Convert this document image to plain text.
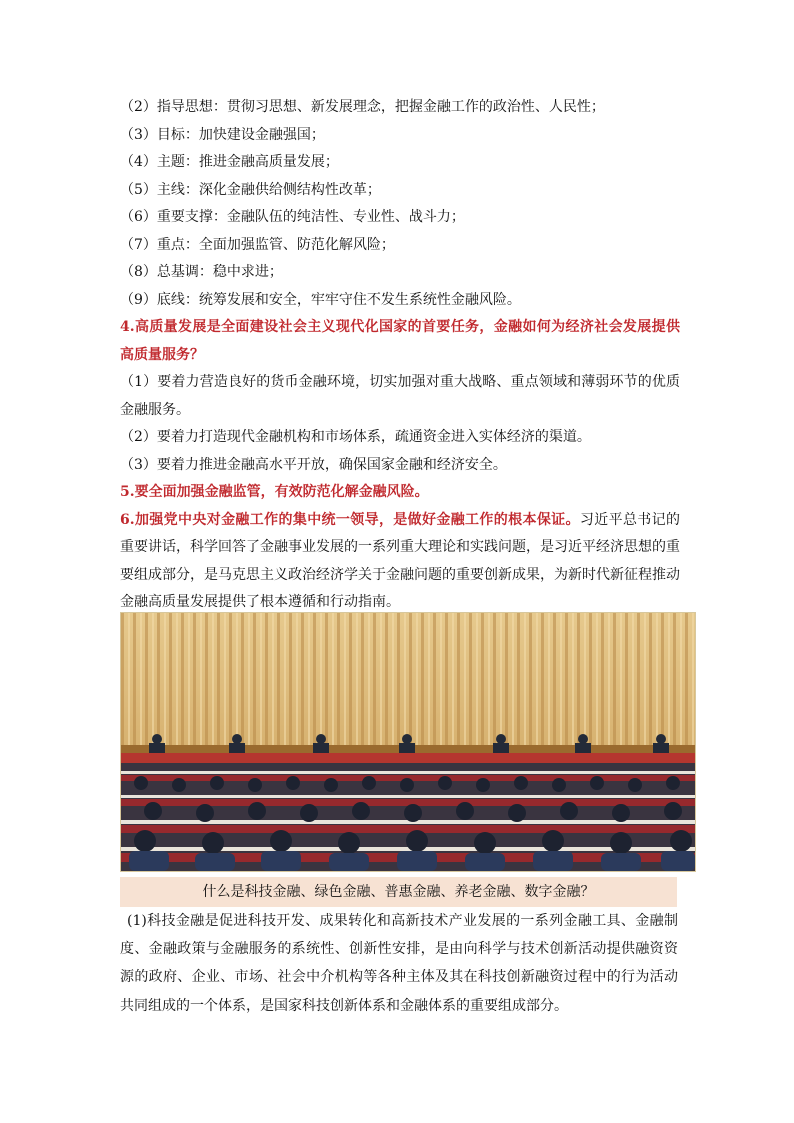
（2）指导思想：贯彻习思想、新发展理念，把握金融工作的政治性、人民性；
（3）目标：加快建设金融强国；
（4）主题：推进金融高质量发展；
（5）主线：深化金融供给侧结构性改革；
（6）重要支撑：金融队伍的纯洁性、专业性、战斗力；
（7）重点：全面加强监管、防范化解风险；
（8）总基调：稳中求进；
（9）底线：统筹发展和安全，牢牢守住不发生系统性金融风险。
4.高质量发展是全面建设社会主义现代化国家的首要任务，金融如何为经济社会发展提供高质量服务？
（1）要着力营造良好的货币金融环境，切实加强对重大战略、重点领域和薄弱环节的优质金融服务。
（2）要着力打造现代金融机构和市场体系，疏通资金进入实体经济的渠道。
（3）要着力推进金融高水平开放，确保国家金融和经济安全。
5.要全面加强金融监管，有效防范化解金融风险。
6.加强党中央对金融工作的集中统一领导，是做好金融工作的根本保证。习近平总书记的重要讲话，科学回答了金融事业发展的一系列重大理论和实践问题，是习近平经济思想的重要组成部分，是马克思主义政治经济学关于金融问题的重要创新成果，为新时代新征程推动金融高质量发展提供了根本遵循和行动指南。
什么是科技金融、绿色金融、普惠金融、养老金融、数字金融？
(1)科技金融是促进科技开发、成果转化和高新技术产业发展的一系列金融工具、金融制度、金融政策与金融服务的系统性、创新性安排，是由向科学与技术创新活动提供融资资源的政府、企业、市场、社会中介机构等各种主体及其在科技创新融资过程中的行为活动共同组成的一个体系，是国家科技创新体系和金融体系的重要组成部分。
